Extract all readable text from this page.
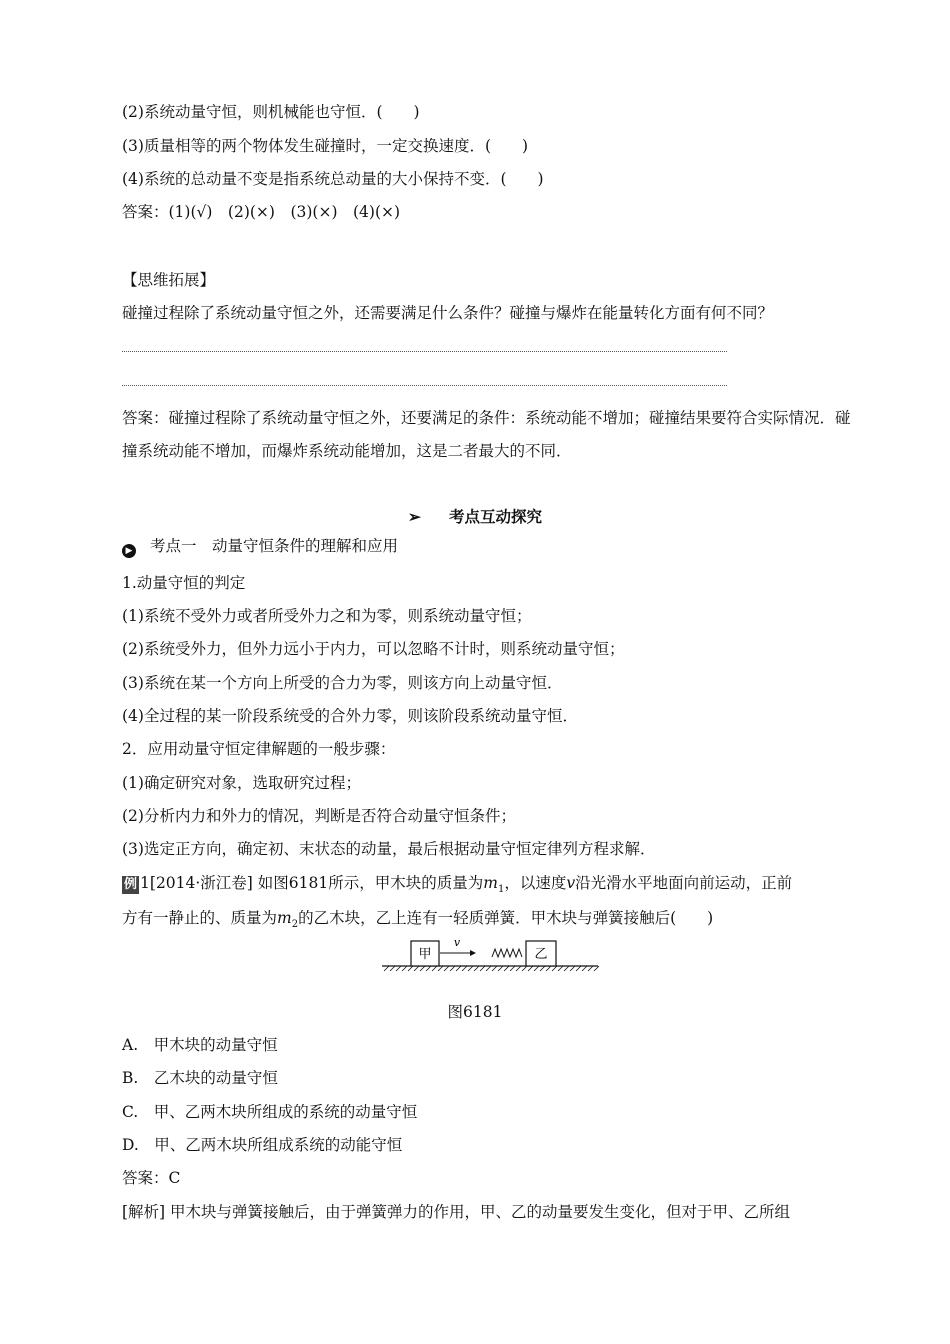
(2)系统动量守恒，则机械能也守恒．(　　)
(3)质量相等的两个物体发生碰撞时，一定交换速度．(　　)
(4)系统的总动量不变是指系统总动量的大小保持不变．(　　)
答案：(1)(√)　(2)(×)　(3)(×)　(4)(×)
【思维拓展】
碰撞过程除了系统动量守恒之外，还需要满足什么条件？碰撞与爆炸在能量转化方面有何不同？
答案：碰撞过程除了系统动量守恒之外，还要满足的条件：系统动能不增加；碰撞结果要符合实际情况．碰撞系统动能不增加，而爆炸系统动能增加，这是二者最大的不同．
➢ 考点互动探究
▶ 考点一　动量守恒条件的理解和应用
1.动量守恒的判定
(1)系统不受外力或者所受外力之和为零，则系统动量守恒；
(2)系统受外力，但外力远小于内力，可以忽略不计时，则系统动量守恒；
(3)系统在某一个方向上所受的合力为零，则该方向上动量守恒．
(4)全过程的某一阶段系统受的合外力零，则该阶段系统动量守恒．
2．应用动量守恒定律解题的一般步骤：
(1)确定研究对象，选取研究过程；
(2)分析内力和外力的情况，判断是否符合动量守恒条件；
(3)选定正方向，确定初、末状态的动量，最后根据动量守恒定律列方程求解．
例 1[2014·浙江卷] 如图6181所示，甲木块的质量为$m_1$，以速度v沿光滑水平地面向前运动，正前
方有一静止的、质量为$m_2$的乙木块，乙上连有一轻质弹簧．甲木块与弹簧接触后(　　)
甲
v
乙
图6181
A.　甲木块的动量守恒
B.　乙木块的动量守恒
C.　甲、乙两木块所组成的系统的动量守恒
D.　甲、乙两木块所组成系统的动能守恒
答案：C
[解析] 甲木块与弹簧接触后，由于弹簧弹力的作用，甲、乙的动量要发生变化，但对于甲、乙所组
